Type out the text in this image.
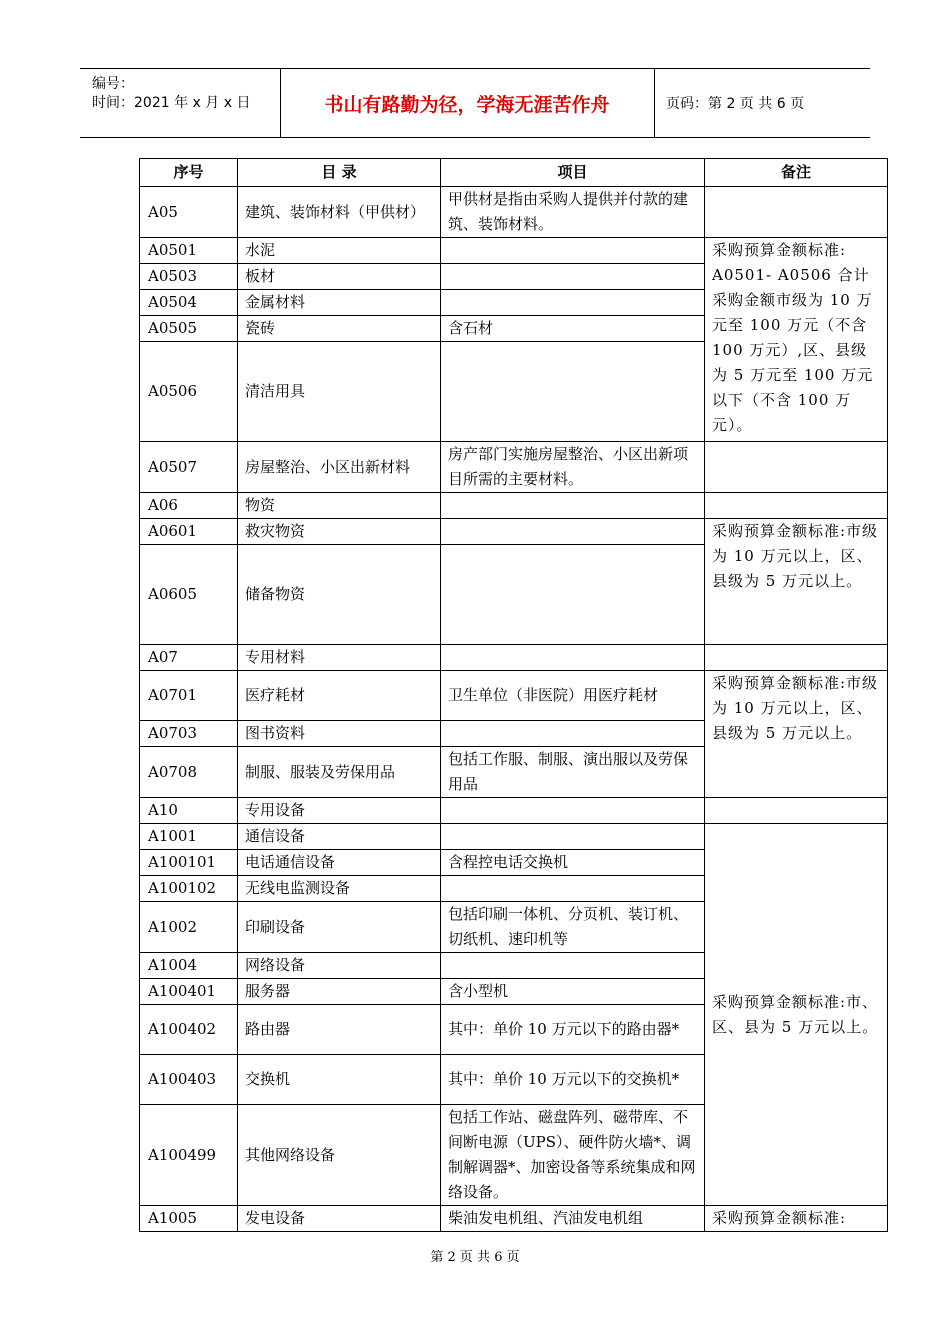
编号：
时间：2021 年 x 月 x 日	书山有路勤为径，学海无涯苦作舟	页码：第 2 页 共 6 页
序号	目 录	项目	备注
A05	建筑、装饰材料（甲供材）	甲供材是指由采购人提供并付款的建筑、装饰材料。	
A0501	水泥		采购预算金额标准: A0501- A0506 合计采购金额市级为 10 万元至 100 万元（不含 100 万元）,区、县级为 5 万元至 100 万元以下（不含 100 万元）。
A0503	板材		
A0504	金属材料		
A0505	瓷砖	含石材	
A0506	清洁用具		
A0507	房屋整治、小区出新材料	房产部门实施房屋整治、小区出新项目所需的主要材料。	
A06	物资		
A0601	救灾物资		采购预算金额标准:市级为 10 万元以上，区、县级为 5 万元以上。
A0605	储备物资		
A07	专用材料		
A0701	医疗耗材	卫生单位（非医院）用医疗耗材	采购预算金额标准:市级为 10 万元以上，区、县级为 5 万元以上。
A0703	图书资料		
A0708	制服、服装及劳保用品	包括工作服、制服、演出服以及劳保用品	
A10	专用设备		
A1001	通信设备		采购预算金额标准:市、区、县为 5 万元以上。
A100101	电话通信设备	含程控电话交换机	
A100102	无线电监测设备		
A1002	印刷设备	包括印刷一体机、分页机、装订机、切纸机、速印机等	
A1004	网络设备		
A100401	服务器	含小型机	
A100402	路由器	其中：单价 10 万元以下的路由器*	
A100403	交换机	其中：单价 10 万元以下的交换机*	
A100499	其他网络设备	包括工作站、磁盘阵列、磁带库、不间断电源（UPS）、硬件防火墙*、调制解调器*、加密设备等系统集成和网络设备。	
A1005	发电设备	柴油发电机组、汽油发电机组	采购预算金额标准:
第 2 页 共 6 页
